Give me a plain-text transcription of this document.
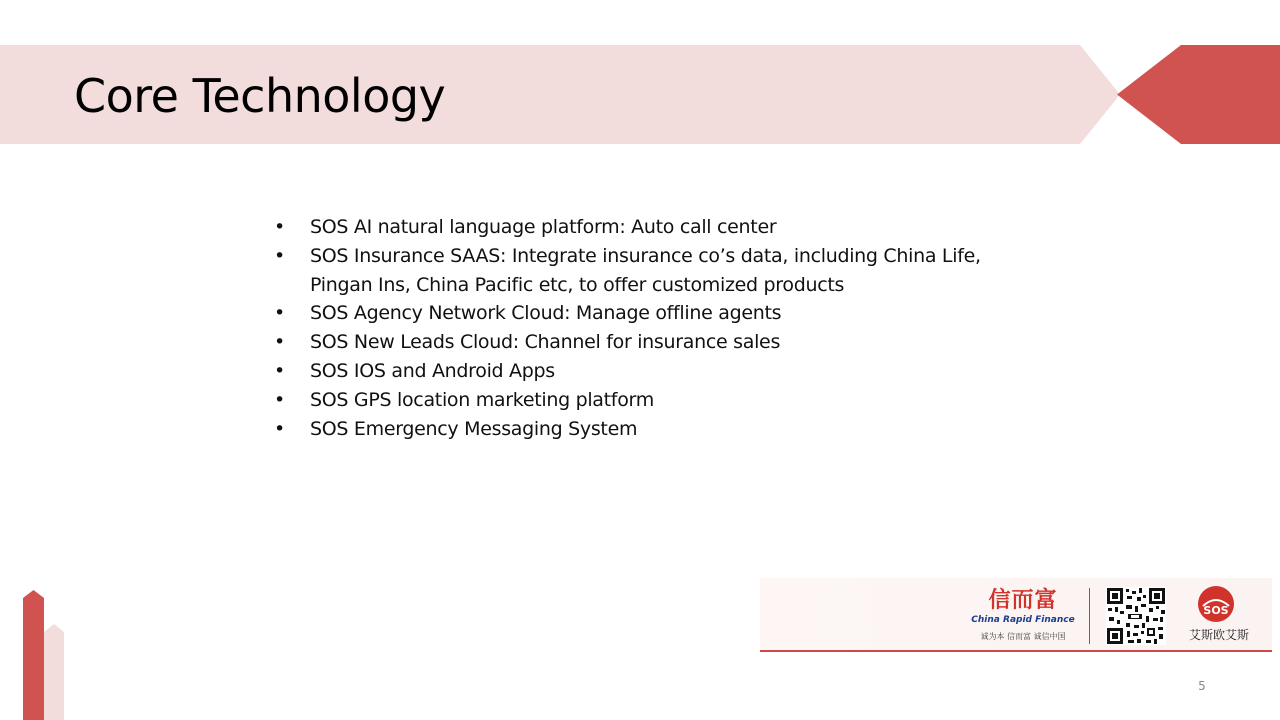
Core Technology
• SOS AI natural language platform: Auto call center
• SOS Insurance SAAS: Integrate insurance co’s data, including China Life, Pingan Ins, China Pacific etc, to offer customized products
• SOS Agency Network Cloud: Manage offline agents
• SOS New Leads Cloud: Channel for insurance sales
• SOS IOS and Android Apps
• SOS GPS location marketing platform
• SOS Emergency Messaging System
信而富
China Rapid Finance
诚为本 信而富 诚信中国
SOS
艾斯欧艾斯
5
